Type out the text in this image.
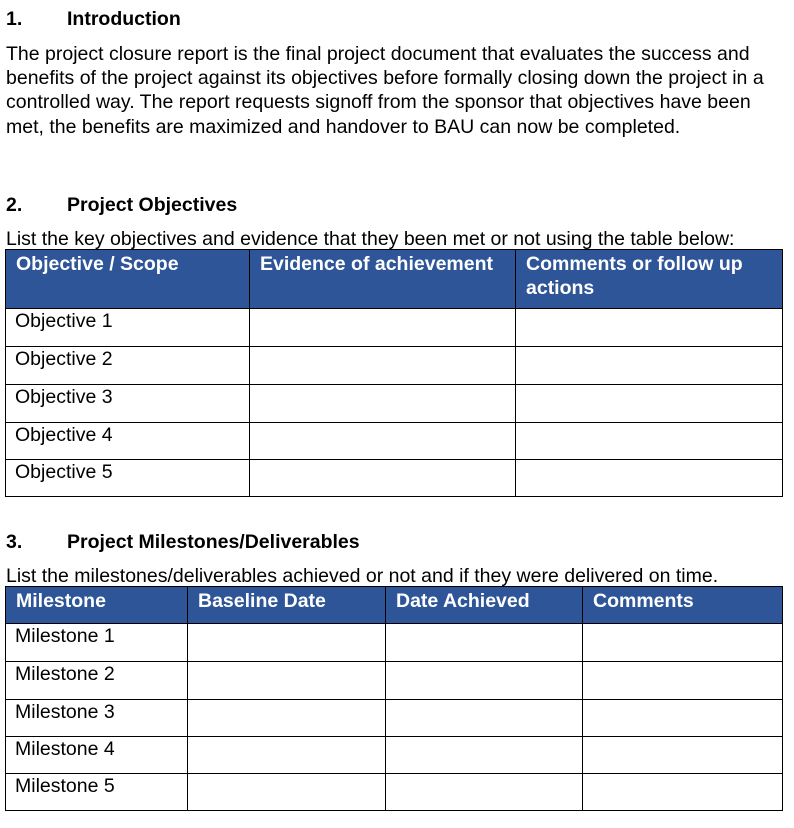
1. Introduction

The project closure report is the final project document that evaluates the success and benefits of the project against its objectives before formally closing down the project in a controlled way. The report requests signoff from the sponsor that objectives have been met, the benefits are maximized and handover to BAU can now be completed.

2. Project Objectives
List the key objectives and evidence that they been met or not using the table below:
Objective / Scope	Evidence of achievement	Comments or follow up actions
Objective 1		
Objective 2		
Objective 3		
Objective 4		
Objective 5		
3. Project Milestones/Deliverables
List the milestones/deliverables achieved or not and if they were delivered on time.
Milestone	Baseline Date	Date Achieved	Comments
Milestone 1			
Milestone 2			
Milestone 3			
Milestone 4			
Milestone 5			
